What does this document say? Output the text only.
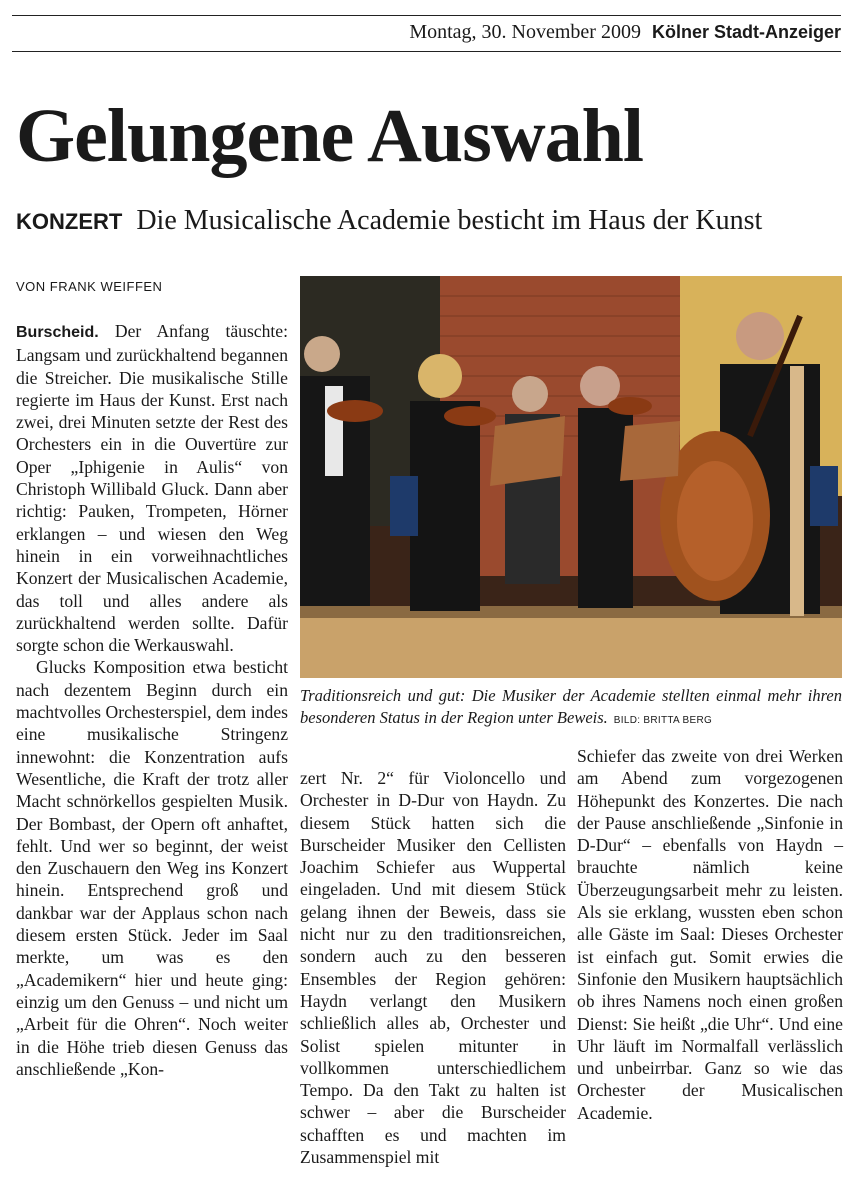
Montag, 30. November 2009 Kölner Stadt-Anzeiger
Gelungene Auswahl
KONZERT Die Musicalische Academie besticht im Haus der Kunst
VON FRANK WEIFFEN

Burscheid. Der Anfang täuschte: Langsam und zurückhaltend begannen die Streicher. Die musikalische Stille regierte im Haus der Kunst. Erst nach zwei, drei Minuten setzte der Rest des Orchesters ein in die Ouvertüre zur Oper „Iphigenie in Aulis“ von Christoph Willibald Gluck. Dann aber richtig: Pauken, Trompeten, Hörner erklangen – und wiesen den Weg hinein in ein vorweihnachtliches Konzert der Musicalischen Academie, das toll und alles andere als zurückhaltend werden sollte. Dafür sorgte schon die Werkauswahl.

Glucks Komposition etwa besticht nach dezentem Beginn durch ein machtvolles Orchesterspiel, dem indes eine musikalische Stringenz innewohnt: die Konzentration aufs Wesentliche, die Kraft der trotz aller Macht schnörkellos gespielten Musik. Der Bombast, der Opern oft anhaftet, fehlt. Und wer so beginnt, der weist den Zuschauern den Weg ins Konzert hinein. Entsprechend groß und dankbar war der Applaus schon nach diesem ersten Stück. Jeder im Saal merkte, um was es den „Academikern“ hier und heute ging: einzig um den Genuss – und nicht um „Arbeit für die Ohren“. Noch weiter in die Höhe trieb diesen Genuss das anschließende „Kon-

Traditionsreich und gut: Die Musiker der Academie stellten einmal mehr ihren besonderen Status in der Region unter Beweis. BILD: BRITTA BERG

zert Nr. 2“ für Violoncello und Orchester in D-Dur von Haydn. Zu diesem Stück hatten sich die Burscheider Musiker den Cellisten Joachim Schiefer aus Wuppertal eingeladen. Und mit diesem Stück gelang ihnen der Beweis, dass sie nicht nur zu den traditionsreichen, sondern auch zu den besseren Ensembles der Region gehören: Haydn verlangt den Musikern schließlich alles ab, Orchester und Solist spielen mitunter in vollkommen unterschiedlichem Tempo. Da den Takt zu halten ist schwer – aber die Burscheider schafften es und machten im Zusammenspiel mit

Schiefer das zweite von drei Werken am Abend zum vorgezogenen Höhepunkt des Konzertes. Die nach der Pause anschließende „Sinfonie in D-Dur“ – ebenfalls von Haydn – brauchte nämlich keine Überzeugungsarbeit mehr zu leisten. Als sie erklang, wussten eben schon alle Gäste im Saal: Dieses Orchester ist einfach gut. Somit erwies die Sinfonie den Musikern hauptsächlich ob ihres Namens noch einen großen Dienst: Sie heißt „die Uhr“. Und eine Uhr läuft im Normalfall verlässlich und unbeirrbar. Ganz so wie das Orchester der Musicalischen Academie.
